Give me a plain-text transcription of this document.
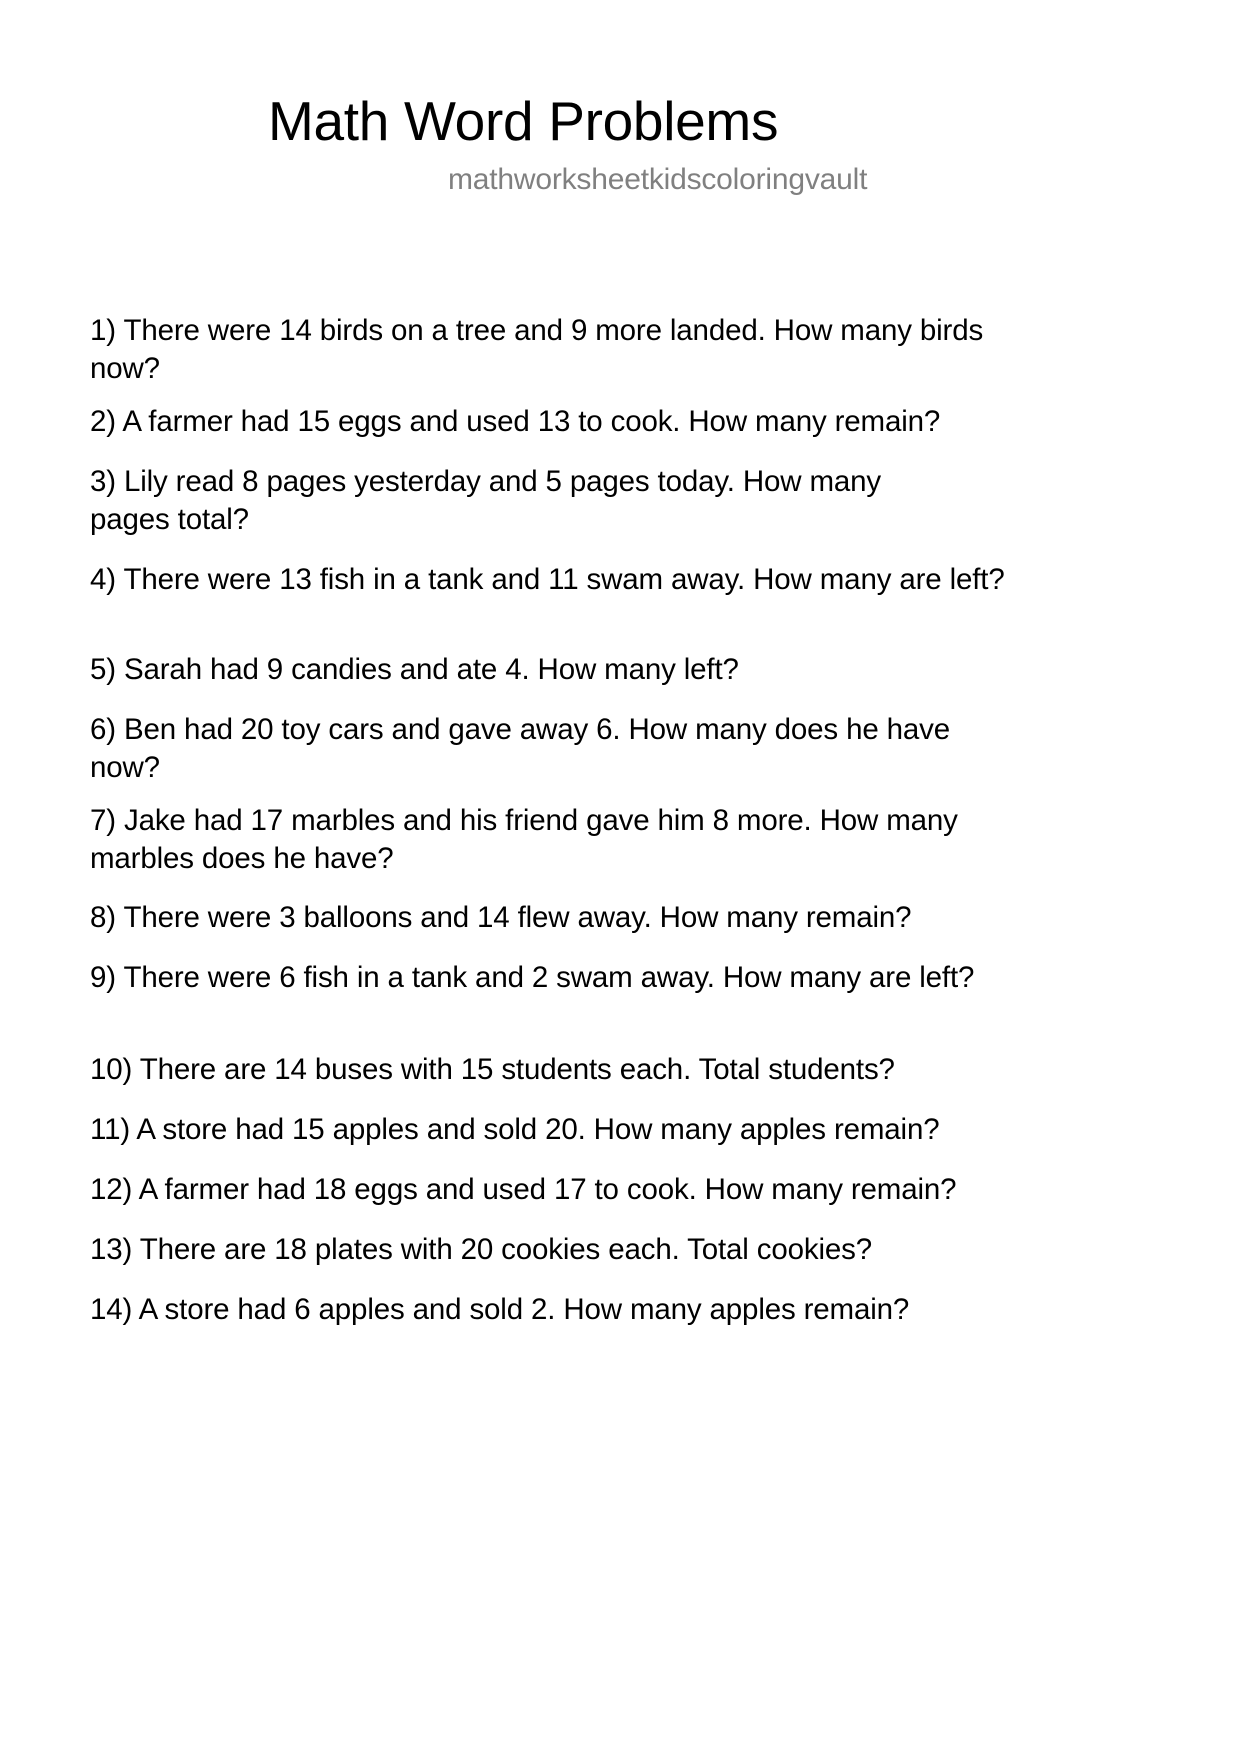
Math Word Problems
mathworksheetkidscoloringvault
1) There were 14 birds on a tree and 9 more landed. How many birds now?
2) A farmer had 15 eggs and used 13 to cook. How many remain?
3) Lily read 8 pages yesterday and 5 pages today. How many pages total?
4) There were 13 fish in a tank and 11 swam away. How many are left?
5) Sarah had 9 candies and ate 4. How many left?
6) Ben had 20 toy cars and gave away 6. How many does he have now?
7) Jake had 17 marbles and his friend gave him 8 more. How many marbles does he have?
8) There were 3 balloons and 14 flew away. How many remain?
9) There were 6 fish in a tank and 2 swam away. How many are left?
10) There are 14 buses with 15 students each. Total students?
11) A store had 15 apples and sold 20. How many apples remain?
12) A farmer had 18 eggs and used 17 to cook. How many remain?
13) There are 18 plates with 20 cookies each. Total cookies?
14) A store had 6 apples and sold 2. How many apples remain?
